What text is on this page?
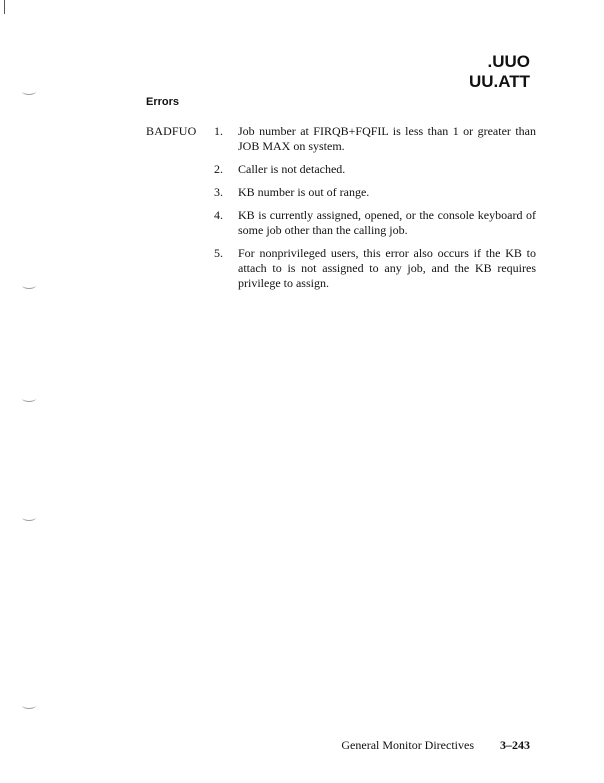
.UUO
UU.ATT
Errors
BADFUO 1.	Job number at FIRQB+FQFIL is less than 1 or greater than JOB MAX on system.
2.	Caller is not detached.
3.	KB number is out of range.
4.	KB is currently assigned, opened, or the console keyboard of some job other than the calling job.
5.	For nonprivileged users, this error also occurs if the KB to attach to is not assigned to any job, and the KB requires privilege to assign.
General Monitor Directives 3–243
